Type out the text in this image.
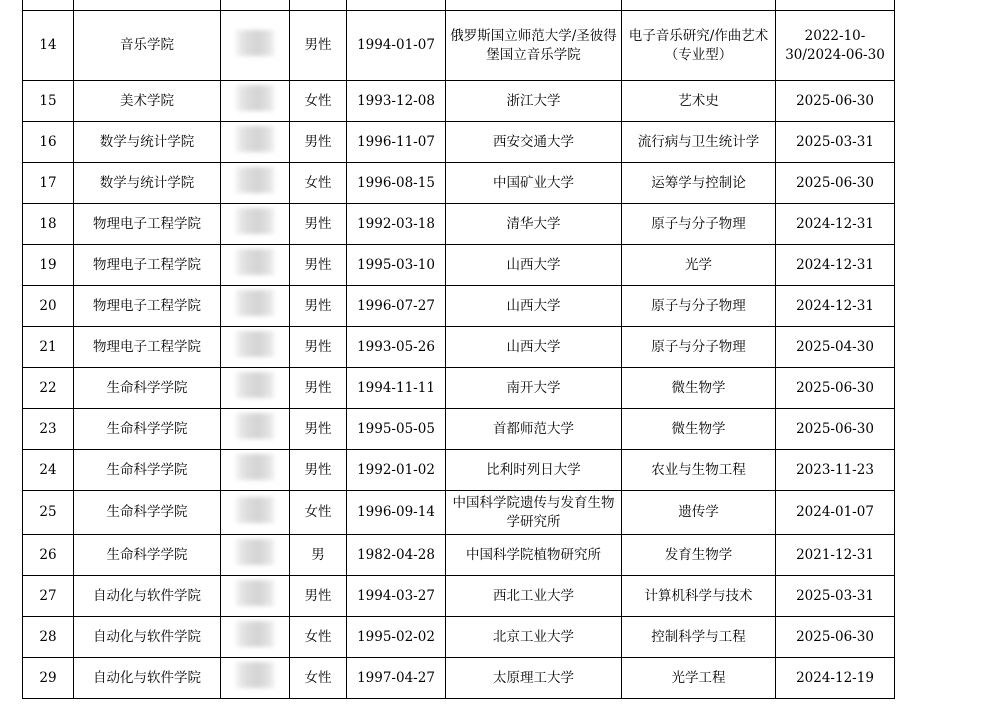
14	音乐学院		男性	1994-01-07	俄罗斯国立师范大学/圣彼得堡国立音乐学院	电子音乐研究/作曲艺术（专业型）	2022-10-30/2024-06-30

15	美术学院		女性	1993-12-08	浙江大学	艺术史	2025-06-30

16	数学与统计学院		男性	1996-11-07	西安交通大学	流行病与卫生统计学	2025-03-31

17	数学与统计学院		女性	1996-08-15	中国矿业大学	运筹学与控制论	2025-06-30

18	物理电子工程学院		男性	1992-03-18	清华大学	原子与分子物理	2024-12-31

19	物理电子工程学院		男性	1995-03-10	山西大学	光学	2024-12-31

20	物理电子工程学院		男性	1996-07-27	山西大学	原子与分子物理	2024-12-31

21	物理电子工程学院		男性	1993-05-26	山西大学	原子与分子物理	2025-04-30

22	生命科学学院		男性	1994-11-11	南开大学	微生物学	2025-06-30

23	生命科学学院		男性	1995-05-05	首都师范大学	微生物学	2025-06-30

24	生命科学学院		男性	1992-01-02	比利时列日大学	农业与生物工程	2023-11-23

25	生命科学学院		女性	1996-09-14	中国科学院遗传与发育生物学研究所	遗传学	2024-01-07

26	生命科学学院		男	1982-04-28	中国科学院植物研究所	发育生物学	2021-12-31

27	自动化与软件学院		男性	1994-03-27	西北工业大学	计算机科学与技术	2025-03-31

28	自动化与软件学院		女性	1995-02-02	北京工业大学	控制科学与工程	2025-06-30

29	自动化与软件学院		女性	1997-04-27	太原理工大学	光学工程	2024-12-19
